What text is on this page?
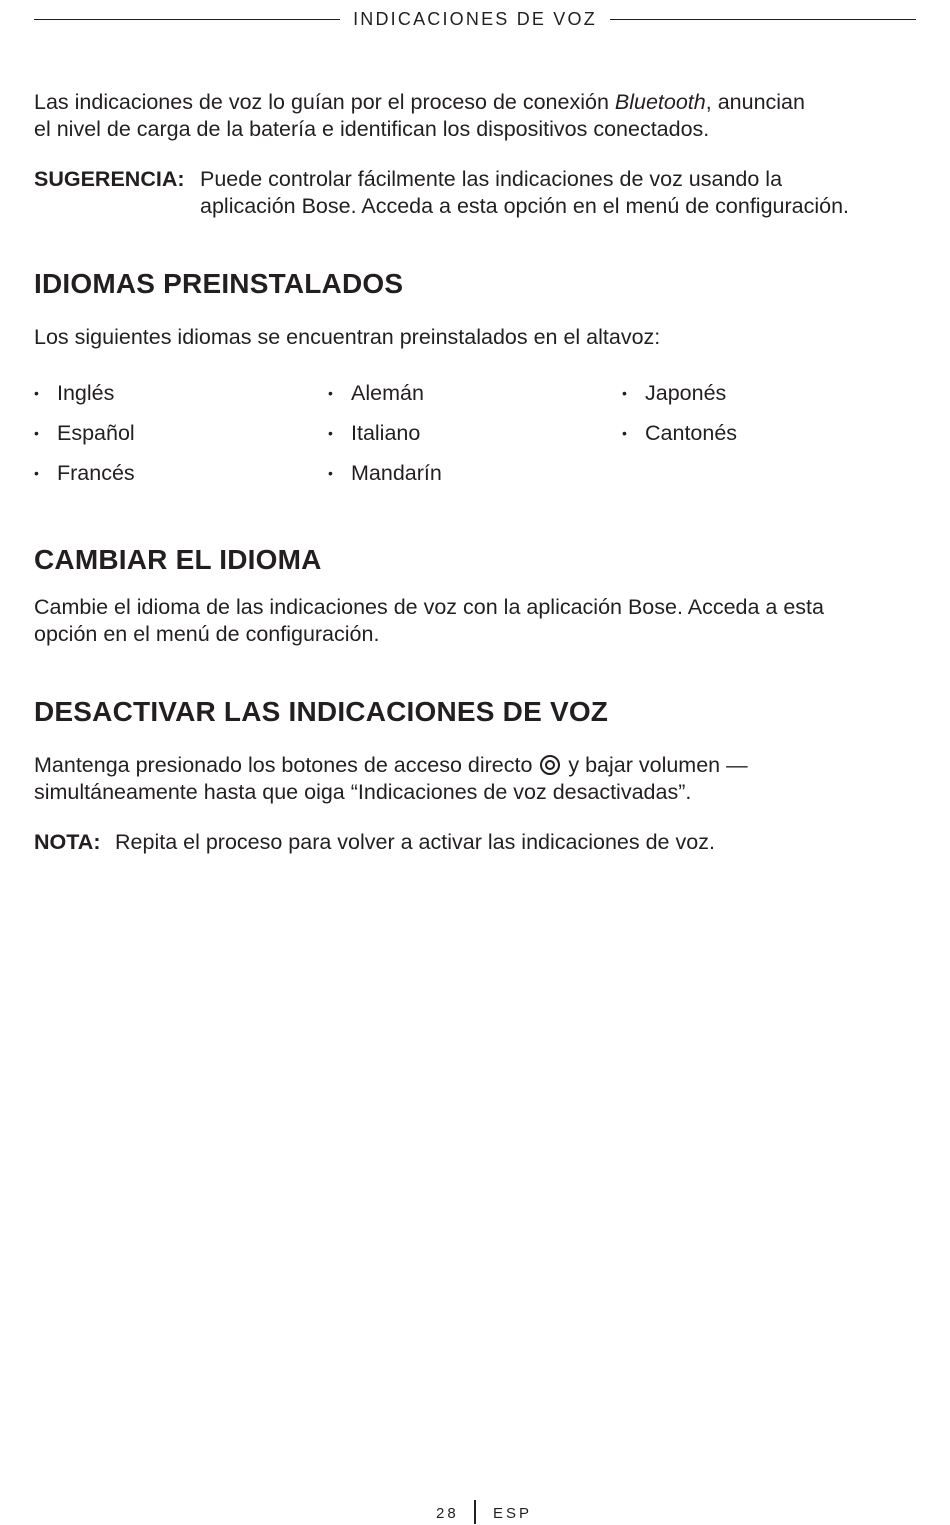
INDICACIONES DE VOZ
Las indicaciones de voz lo guían por el proceso de conexión Bluetooth, anuncian
el nivel de carga de la batería e identifican los dispositivos conectados.
SUGERENCIA: Puede controlar fácilmente las indicaciones de voz usando la
aplicación Bose. Acceda a esta opción en el menú de configuración.
IDIOMAS PREINSTALADOS
Los siguientes idiomas se encuentran preinstalados en el altavoz:
• Inglés
• Español
• Francés
• Alemán
• Italiano
• Mandarín
• Japonés
• Cantonés
CAMBIAR EL IDIOMA
Cambie el idioma de las indicaciones de voz con la aplicación Bose. Acceda a esta
opción en el menú de configuración.
DESACTIVAR LAS INDICACIONES DE VOZ
Mantenga presionado los botones de acceso directo  y bajar volumen —
simultáneamente hasta que oiga “Indicaciones de voz desactivadas”.
NOTA: Repita el proceso para volver a activar las indicaciones de voz.
28 ESP
